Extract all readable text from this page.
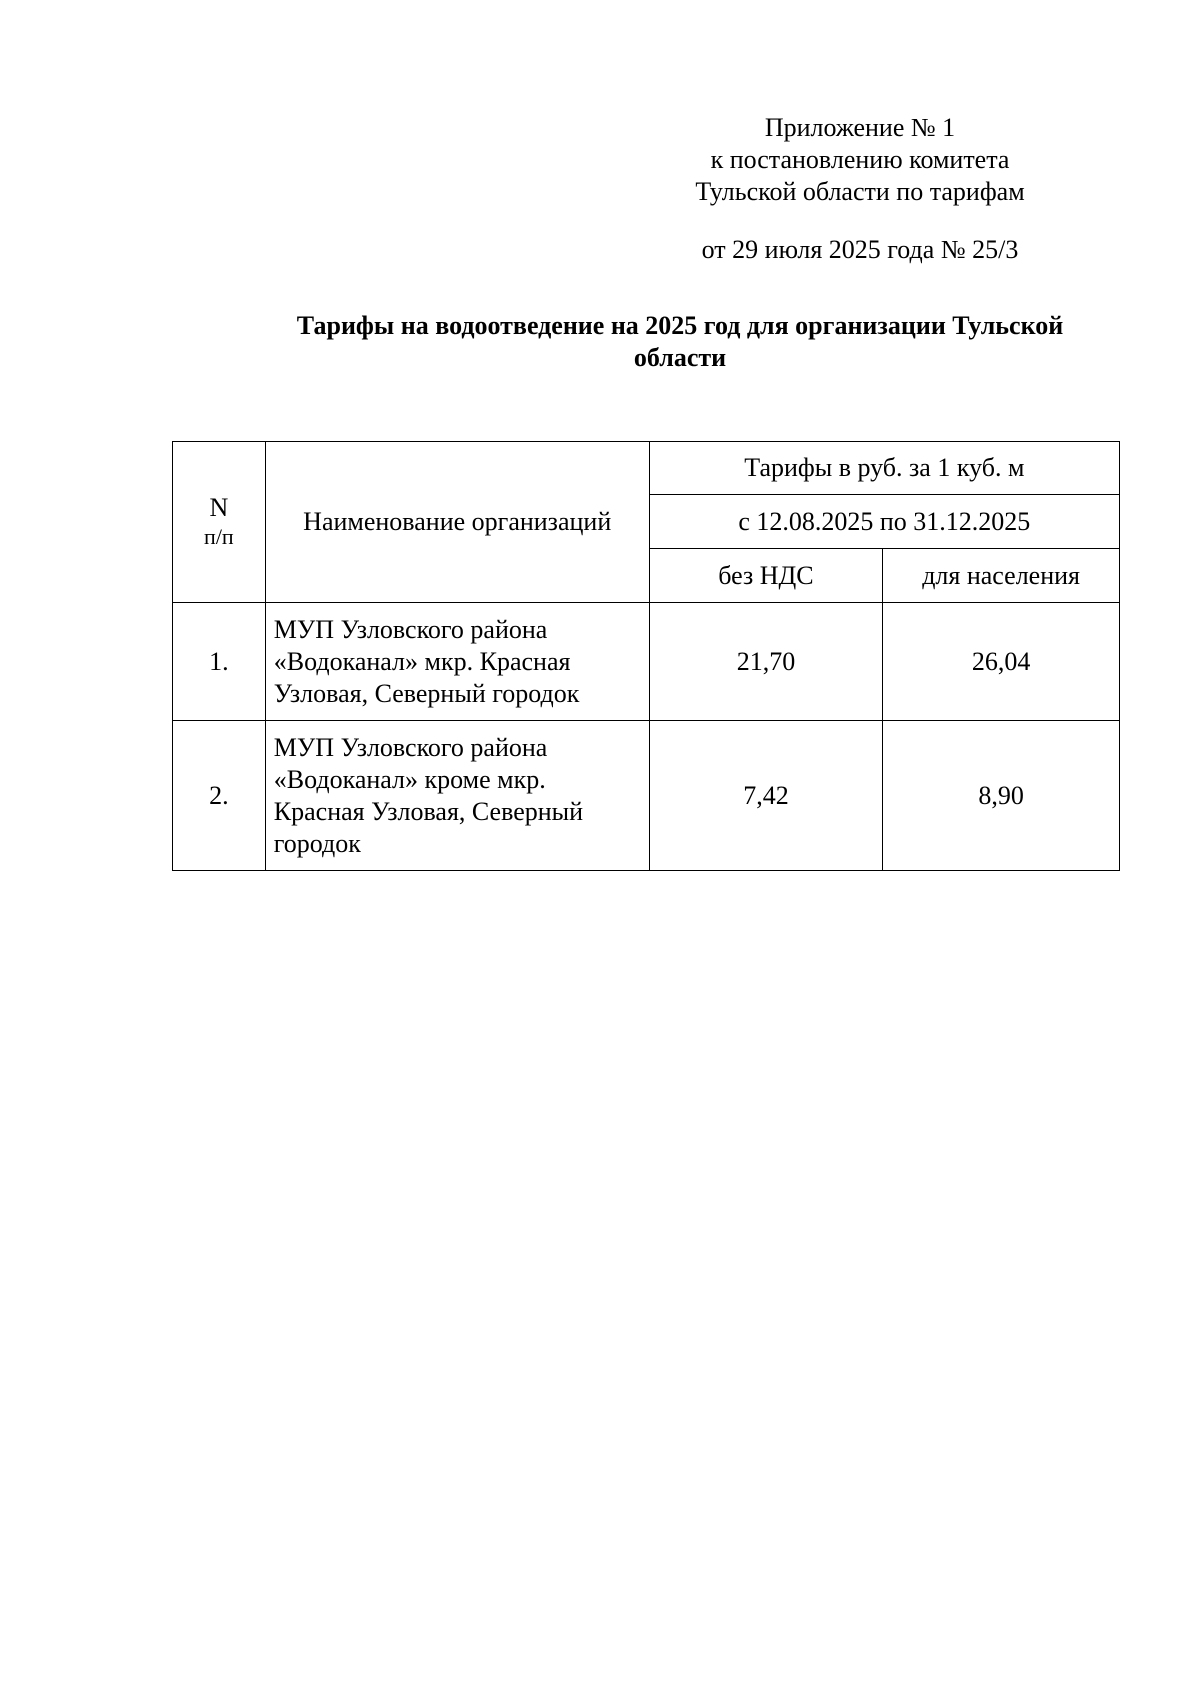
Приложение № 1
к постановлению комитета
Тульской области по тарифам
от 29 июля 2025 года № 25/3
Тарифы на водоотведение на 2025 год для организации Тульской области
N
п/п	Наименование организаций	Тарифы в руб. за 1 куб. м	
		с 12.08.2025 по 31.12.2025	
		без НДС	для населения
1.	МУП Узловского района «Водоканал» мкр. Красная Узловая, Северный городок	21,70	26,04
2.	МУП Узловского района «Водоканал» кроме мкр. Красная Узловая, Северный городок	7,42	8,90
